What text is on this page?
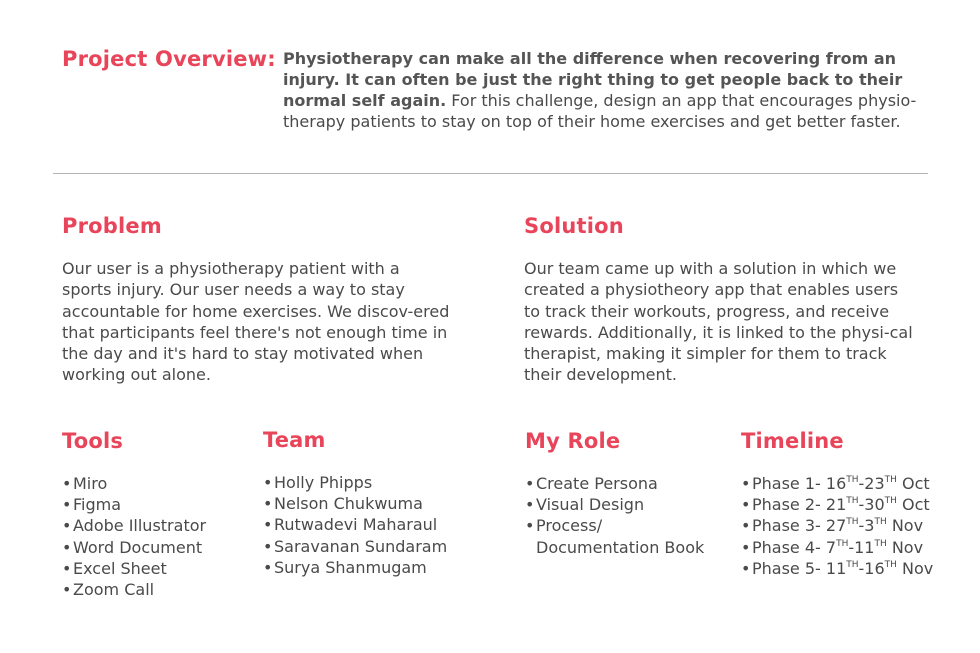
Project Overview: Physiotherapy can make all the difference when recovering from an injury. It can often be just the right thing to get people back to their normal self again. For this challenge, design an app that encourages physio-therapy patients to stay on top of their home exercises and get better faster.

Problem

Our user is a physiotherapy patient with a sports injury. Our user needs a way to stay accountable for home exercises. We discov-ered that participants feel there's not enough time in the day and it's hard to stay motivated when working out alone.

Solution

Our team came up with a solution in which we created a physiotheory app that enables users to track their workouts, progress, and receive rewards. Additionally, it is linked to the physi-cal therapist, making it simpler for them to track their development.

Tools
• Miro
• Figma
• Adobe Illustrator
• Word Document
• Excel Sheet
• Zoom Call
Team
• Holly Phipps
• Nelson Chukwuma
• Rutwadevi Maharaul
• Saravanan Sundaram
• Surya Shanmugam
My Role
• Create Persona
• Visual Design
• Process/ Documentation Book
Timeline
• Phase 1- 16TH-23TH Oct
• Phase 2- 21TH-30TH Oct
• Phase 3- 27TH-3TH Nov
• Phase 4- 7TH-11TH Nov
• Phase 5- 11TH-16TH Nov
